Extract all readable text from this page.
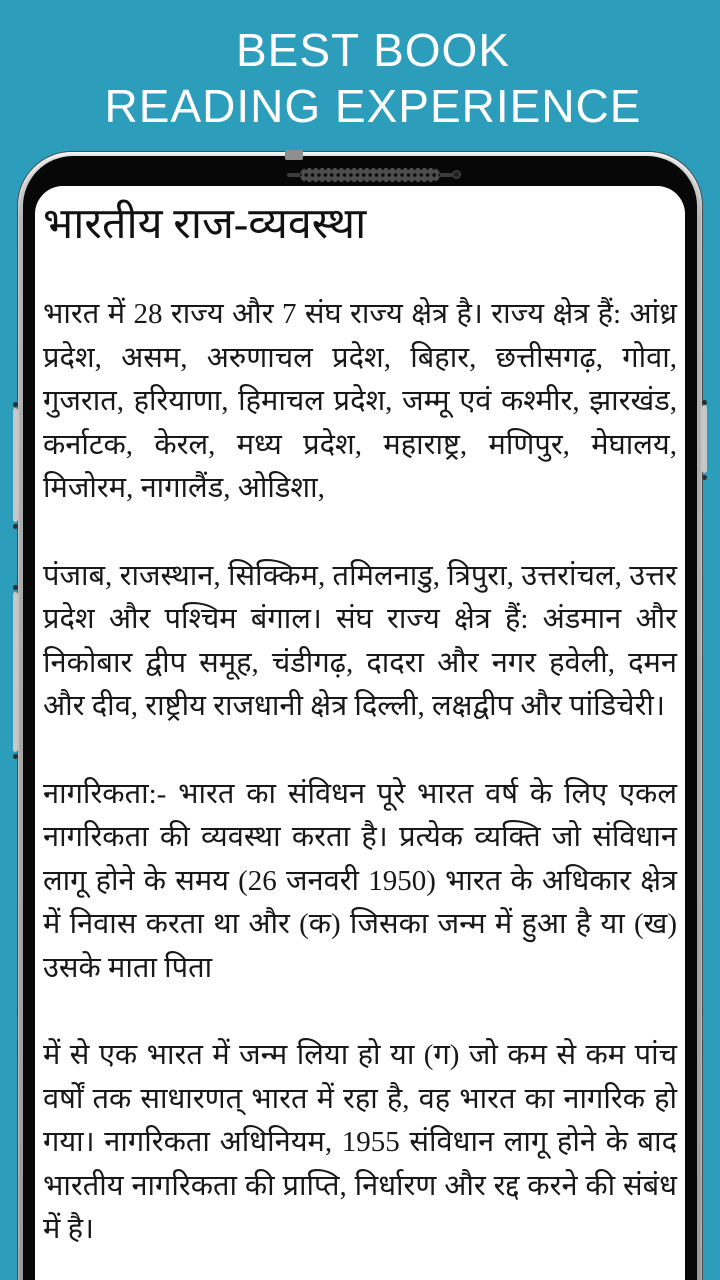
BEST BOOK
READING EXPERIENCE
भारतीय राज-व्यवस्था

भारत में 28 राज्य और 7 संघ राज्य क्षेत्र है। राज्य क्षेत्र हैं: आंध्र प्रदेश, असम, अरुणाचल प्रदेश, बिहार, छत्तीसगढ़, गोवा, गुजरात, हरियाणा, हिमाचल प्रदेश, जम्मू एवं कश्मीर, झारखंड, कर्नाटक, केरल, मध्य प्रदेश, महाराष्ट्र, मणिपुर, मेघालय, मिजोरम, नागालैंड, ओडिशा,

पंजाब, राजस्थान, सिक्किम, तमिलनाडु, त्रिपुरा, उत्तरांचल, उत्तर प्रदेश और पश्चिम बंगाल। संघ राज्य क्षेत्र हैं: अंडमान और निकोबार द्वीप समूह, चंडीगढ़, दादरा और नगर हवेली, दमन और दीव, राष्ट्रीय राजधानी क्षेत्र दिल्ली, लक्षद्वीप और पांडिचेरी।

नागरिकता:- भारत का संविधन पूरे भारत वर्ष के लिए एकल नागरिकता की व्यवस्था करता है। प्रत्येक व्यक्ति जो संविधान लागू होने के समय (26 जनवरी 1950) भारत के अधिकार क्षेत्र में निवास करता था और (क) जिसका जन्म में हुआ है या (ख) उसके माता पिता

में से एक भारत में जन्म लिया हो या (ग) जो कम से कम पांच वर्षों तक साधारणत् भारत में रहा है, वह भारत का नागरिक हो गया। नागरिकता अधिनियम, 1955 संविधान लागू होने के बाद भारतीय नागरिकता की प्राप्ति, निर्धारण और रद्द करने की संबंध में है।
